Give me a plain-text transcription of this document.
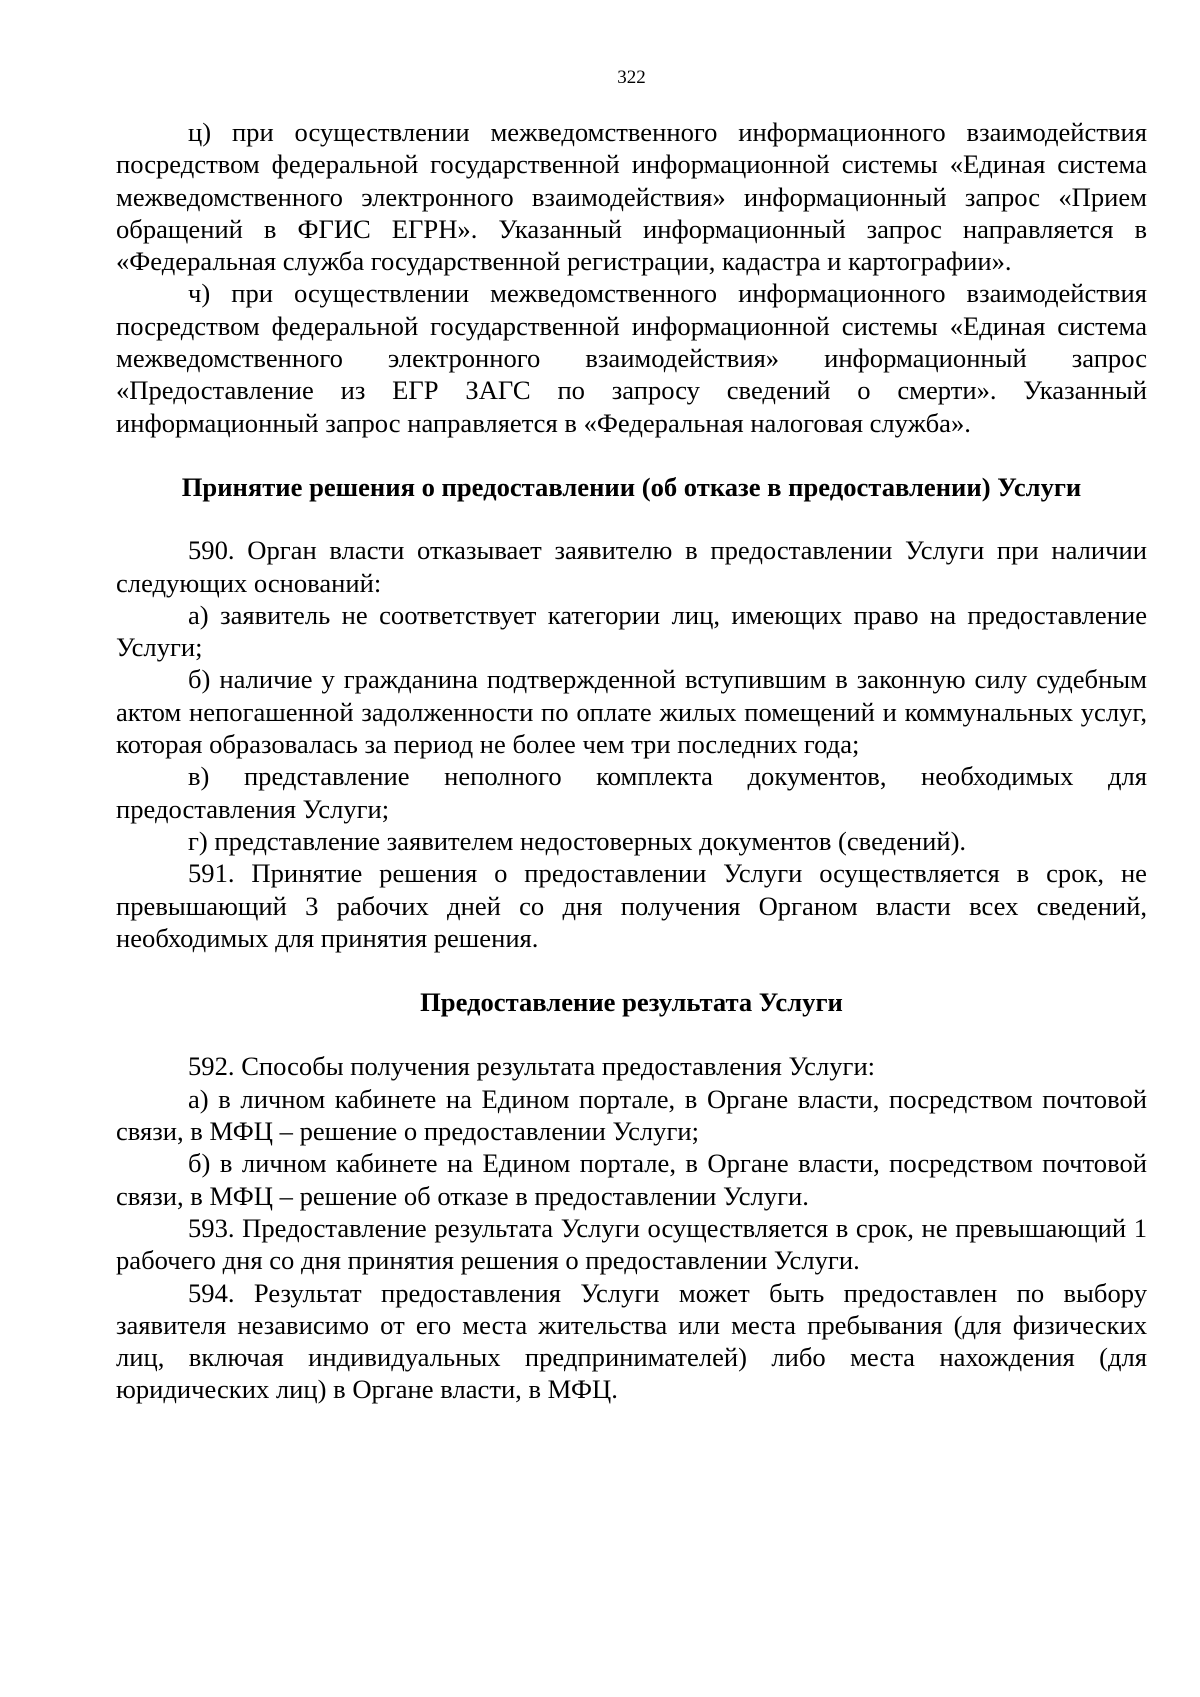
322

ц) при осуществлении межведомственного информационного взаимодействия посредством федеральной государственной информационной системы «Единая система межведомственного электронного взаимодействия» информационный запрос «Прием обращений в ФГИС ЕГРН». Указанный информационный запрос направляется в «Федеральная служба государственной регистрации, кадастра и картографии».

ч) при осуществлении межведомственного информационного взаимодействия посредством федеральной государственной информационной системы «Единая система межведомственного электронного взаимодействия» информационный запрос «Предоставление из ЕГР ЗАГС по запросу сведений о смерти». Указанный информационный запрос направляется в «Федеральная налоговая служба».

Принятие решения о предоставлении (об отказе в предоставлении) Услуги

590. Орган власти отказывает заявителю в предоставлении Услуги при наличии следующих оснований:

а) заявитель не соответствует категории лиц, имеющих право на предоставление Услуги;

б) наличие у гражданина подтвержденной вступившим в законную силу судебным актом непогашенной задолженности по оплате жилых помещений и коммунальных услуг, которая образовалась за период не более чем три последних года;

в) представление неполного комплекта документов, необходимых для предоставления Услуги;

г) представление заявителем недостоверных документов (сведений).

591. Принятие решения о предоставлении Услуги осуществляется в срок, не превышающий 3 рабочих дней со дня получения Органом власти всех сведений, необходимых для принятия решения.

Предоставление результата Услуги

592. Способы получения результата предоставления Услуги:

а) в личном кабинете на Едином портале, в Органе власти, посредством почтовой связи, в МФЦ – решение о предоставлении Услуги;

б) в личном кабинете на Едином портале, в Органе власти, посредством почтовой связи, в МФЦ – решение об отказе в предоставлении Услуги.

593. Предоставление результата Услуги осуществляется в срок, не превышающий 1 рабочего дня со дня принятия решения о предоставлении Услуги.

594. Результат предоставления Услуги может быть предоставлен по выбору заявителя независимо от его места жительства или места пребывания (для физических лиц, включая индивидуальных предпринимателей) либо места нахождения (для юридических лиц) в Органе власти, в МФЦ.
